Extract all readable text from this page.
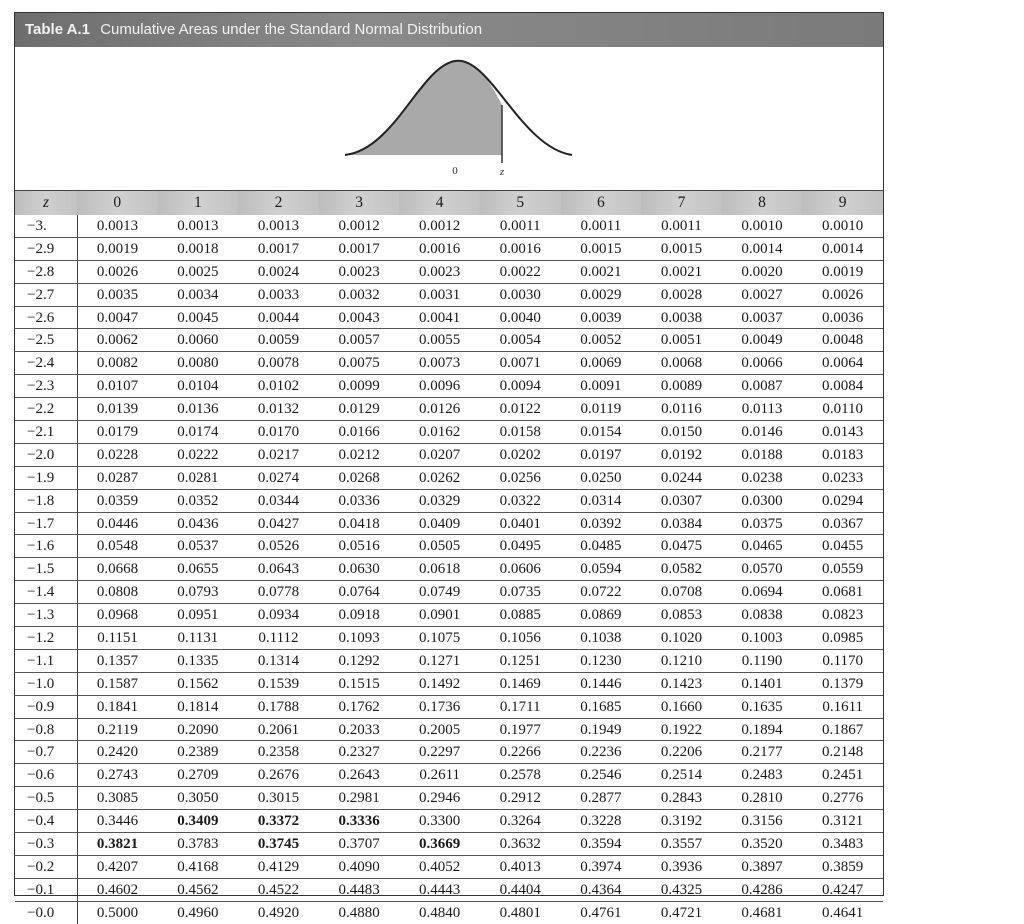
Table A.1 Cumulative Areas under the Standard Normal Distribution
0	z
z	0	1	2	3	4	5	6	7	8	9
−3.	0.0013	0.0013	0.0013	0.0012	0.0012	0.0011	0.0011	0.0011	0.0010	0.0010
−2.9	0.0019	0.0018	0.0017	0.0017	0.0016	0.0016	0.0015	0.0015	0.0014	0.0014
−2.8	0.0026	0.0025	0.0024	0.0023	0.0023	0.0022	0.0021	0.0021	0.0020	0.0019
−2.7	0.0035	0.0034	0.0033	0.0032	0.0031	0.0030	0.0029	0.0028	0.0027	0.0026
−2.6	0.0047	0.0045	0.0044	0.0043	0.0041	0.0040	0.0039	0.0038	0.0037	0.0036
−2.5	0.0062	0.0060	0.0059	0.0057	0.0055	0.0054	0.0052	0.0051	0.0049	0.0048
−2.4	0.0082	0.0080	0.0078	0.0075	0.0073	0.0071	0.0069	0.0068	0.0066	0.0064
−2.3	0.0107	0.0104	0.0102	0.0099	0.0096	0.0094	0.0091	0.0089	0.0087	0.0084
−2.2	0.0139	0.0136	0.0132	0.0129	0.0126	0.0122	0.0119	0.0116	0.0113	0.0110
−2.1	0.0179	0.0174	0.0170	0.0166	0.0162	0.0158	0.0154	0.0150	0.0146	0.0143
−2.0	0.0228	0.0222	0.0217	0.0212	0.0207	0.0202	0.0197	0.0192	0.0188	0.0183
−1.9	0.0287	0.0281	0.0274	0.0268	0.0262	0.0256	0.0250	0.0244	0.0238	0.0233
−1.8	0.0359	0.0352	0.0344	0.0336	0.0329	0.0322	0.0314	0.0307	0.0300	0.0294
−1.7	0.0446	0.0436	0.0427	0.0418	0.0409	0.0401	0.0392	0.0384	0.0375	0.0367
−1.6	0.0548	0.0537	0.0526	0.0516	0.0505	0.0495	0.0485	0.0475	0.0465	0.0455
−1.5	0.0668	0.0655	0.0643	0.0630	0.0618	0.0606	0.0594	0.0582	0.0570	0.0559
−1.4	0.0808	0.0793	0.0778	0.0764	0.0749	0.0735	0.0722	0.0708	0.0694	0.0681
−1.3	0.0968	0.0951	0.0934	0.0918	0.0901	0.0885	0.0869	0.0853	0.0838	0.0823
−1.2	0.1151	0.1131	0.1112	0.1093	0.1075	0.1056	0.1038	0.1020	0.1003	0.0985
−1.1	0.1357	0.1335	0.1314	0.1292	0.1271	0.1251	0.1230	0.1210	0.1190	0.1170
−1.0	0.1587	0.1562	0.1539	0.1515	0.1492	0.1469	0.1446	0.1423	0.1401	0.1379
−0.9	0.1841	0.1814	0.1788	0.1762	0.1736	0.1711	0.1685	0.1660	0.1635	0.1611
−0.8	0.2119	0.2090	0.2061	0.2033	0.2005	0.1977	0.1949	0.1922	0.1894	0.1867
−0.7	0.2420	0.2389	0.2358	0.2327	0.2297	0.2266	0.2236	0.2206	0.2177	0.2148
−0.6	0.2743	0.2709	0.2676	0.2643	0.2611	0.2578	0.2546	0.2514	0.2483	0.2451
−0.5	0.3085	0.3050	0.3015	0.2981	0.2946	0.2912	0.2877	0.2843	0.2810	0.2776
−0.4	0.3446	0.3409	0.3372	0.3336	0.3300	0.3264	0.3228	0.3192	0.3156	0.3121
−0.3	0.3821	0.3783	0.3745	0.3707	0.3669	0.3632	0.3594	0.3557	0.3520	0.3483
−0.2	0.4207	0.4168	0.4129	0.4090	0.4052	0.4013	0.3974	0.3936	0.3897	0.3859
−0.1	0.4602	0.4562	0.4522	0.4483	0.4443	0.4404	0.4364	0.4325	0.4286	0.4247
−0.0	0.5000	0.4960	0.4920	0.4880	0.4840	0.4801	0.4761	0.4721	0.4681	0.4641
